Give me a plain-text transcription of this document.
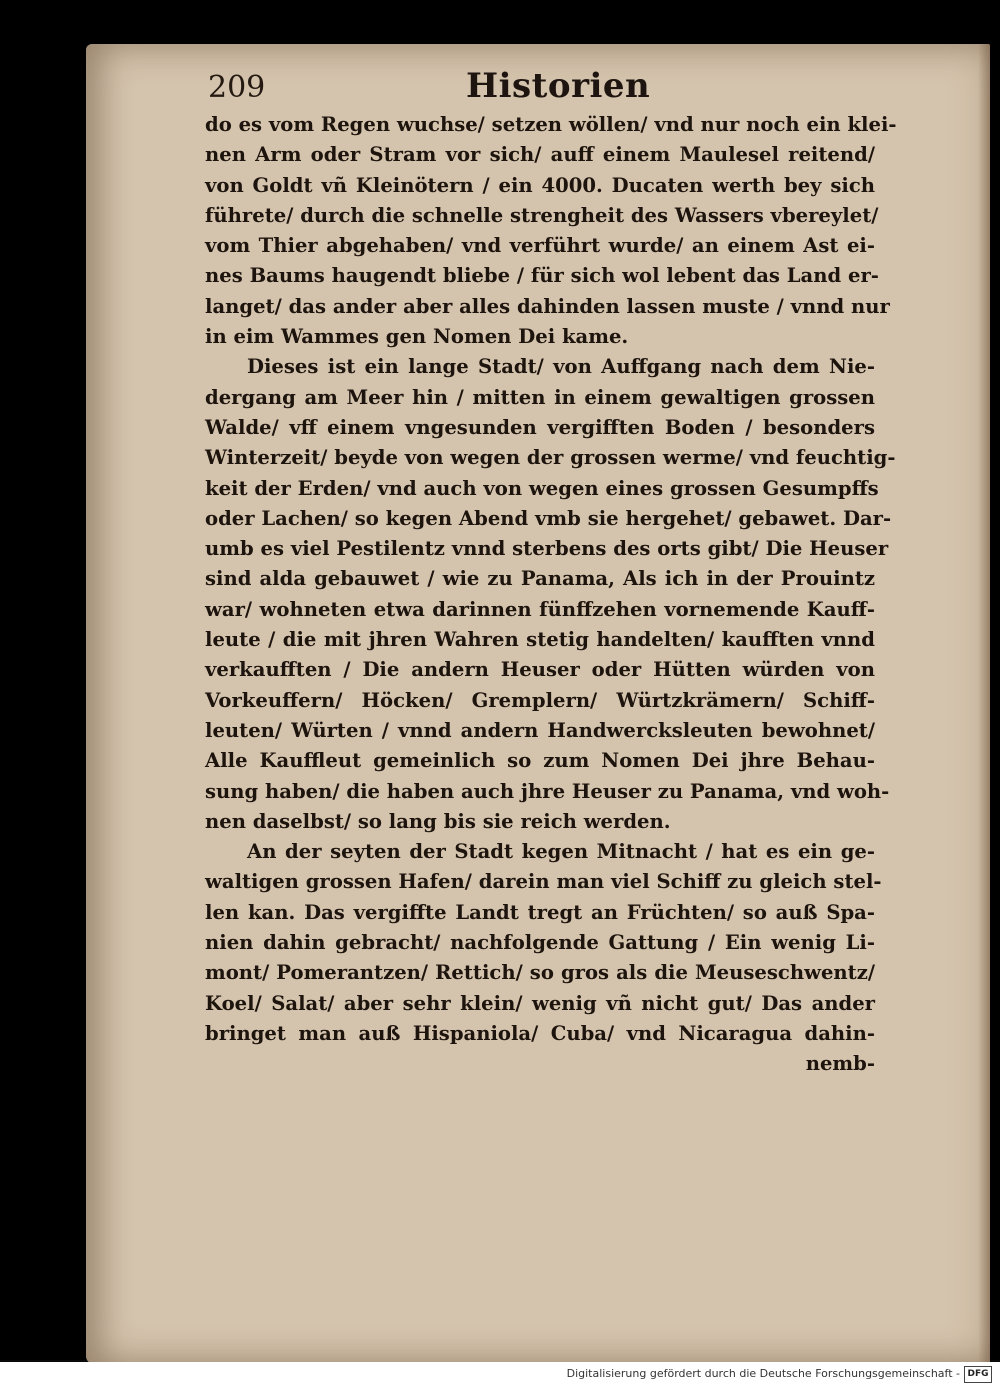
209	Historien
do es vom Regen wuchse/ setzen wöllen/ vnd nur noch ein klei-
nen Arm oder Stram vor sich/ auff einem Maulesel reitend/
von Goldt vñ Kleinötern / ein 4000. Ducaten werth bey sich
führete/ durch die schnelle strengheit des Wassers vbereylet/
vom Thier abgehaben/ vnd verführt wurde/ an einem Ast ei-
nes Baums haugendt bliebe / für sich wol lebent das Land er-
langet/ das ander aber alles dahinden lassen muste / vnnd nur
in eim Wammes gen Nomen Dei kame.
Dieses ist ein lange Stadt/ von Auffgang nach dem Nie-
dergang am Meer hin / mitten in einem gewaltigen grossen
Walde/ vff einem vngesunden vergifften Boden / besonders
Winterzeit/ beyde von wegen der grossen werme/ vnd feuchtig-
keit der Erden/ vnd auch von wegen eines grossen Gesumpffs
oder Lachen/ so kegen Abend vmb sie hergehet/ gebawet. Dar-
umb es viel Pestilentz vnnd sterbens des orts gibt/ Die Heuser
sind alda gebauwet / wie zu Panama, Als ich in der Prouintz
war/ wohneten etwa darinnen fünffzehen vornemende Kauff-
leute / die mit jhren Wahren stetig handelten/ kaufften vnnd
verkaufften / Die andern Heuser oder Hütten würden von
Vorkeuffern/ Höcken/ Gremplern/ Würtzkrämern/ Schiff-
leuten/ Würten / vnnd andern Handwercksleuten bewohnet/
Alle Kauffleut gemeinlich so zum Nomen Dei jhre Behau-
sung haben/ die haben auch jhre Heuser zu Panama, vnd woh-
nen daselbst/ so lang bis sie reich werden.
An der seyten der Stadt kegen Mitnacht / hat es ein ge-
waltigen grossen Hafen/ darein man viel Schiff zu gleich stel-
len kan. Das vergiffte Landt tregt an Früchten/ so auß Spa-
nien dahin gebracht/ nachfolgende Gattung / Ein wenig Li-
mont/ Pomerantzen/ Rettich/ so gros als die Meuseschwentz/
Koel/ Salat/ aber sehr klein/ wenig vñ nicht gut/ Das ander
bringet man auß Hispaniola/ Cuba/ vnd Nicaragua dahin-
nemb-
Digitalisierung gefördert durch die Deutsche Forschungsgemeinschaft - DFG
